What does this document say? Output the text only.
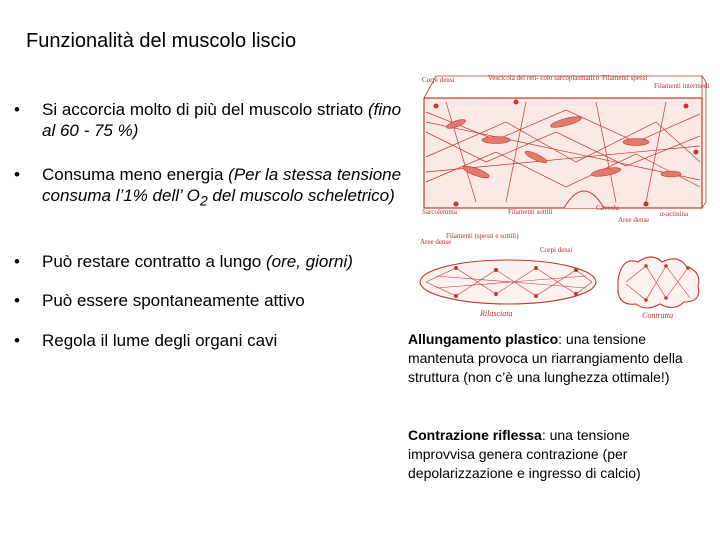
Funzionalità del muscolo liscio
• Si accorcia molto di più del muscolo striato (fino al 60 - 75 %)
• Consuma meno energia (Per la stessa tensione consuma l’1% dell’ $O_2$ del muscolo scheletrico)
• Può restare contratto a lungo (ore, giorni)
• Può essere spontaneamente attivo
• Regola il lume degli organi cavi
Corpi densi	Vescicola del reti- colo sarcoplasmatico Filamenti spessi
Filamenti intermedi
Sarcolemma	Filamenti sottili	Caveola
Aree dense
α-actinina
Aree dense
Filamenti (spessi e sottili)
Corpi densi
Rilasciata	Contratta
Allungamento plastico: una tensione mantenuta provoca un riarrangiamento della struttura (non c’è una lunghezza ottimale!)
Contrazione riflessa: una tensione improvvisa genera contrazione (per depolarizzazione e ingresso di calcio)
